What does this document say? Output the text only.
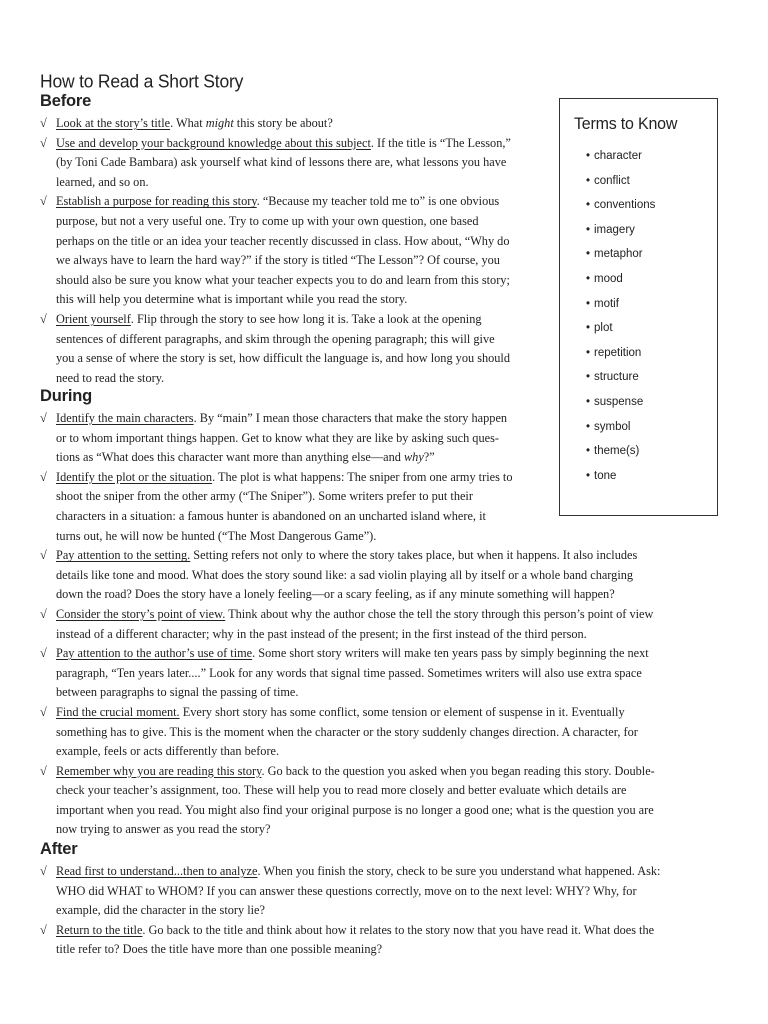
How to Read a Short Story
Before
√ Look at the story’s title. What might this story be about?
√ Use and develop your background knowledge about this subject. If the title is “The Lesson,”
(by Toni Cade Bambara) ask yourself what kind of lessons there are, what lessons you have
learned, and so on.
√ Establish a purpose for reading this story. “Because my teacher told me to” is one obvious
purpose, but not a very useful one. Try to come up with your own question, one based
perhaps on the title or an idea your teacher recently discussed in class. How about, “Why do
we always have to learn the hard way?” if the story is titled “The Lesson”? Of course, you
should also be sure you know what your teacher expects you to do and learn from this story;
this will help you determine what is important while you read the story.
√ Orient yourself. Flip through the story to see how long it is. Take a look at the opening
sentences of different paragraphs, and skim through the opening paragraph; this will give
you a sense of where the story is set, how difficult the language is, and how long you should
need to read the story.
During
√ Identify the main characters. By “main” I mean those characters that make the story happen
or to whom important things happen. Get to know what they are like by asking such ques-
tions as “What does this character want more than anything else—and why?”
√ Identify the plot or the situation. The plot is what happens: The sniper from one army tries to
shoot the sniper from the other army (“The Sniper”). Some writers prefer to put their
characters in a situation: a famous hunter is abandoned on an uncharted island where, it
turns out, he will now be hunted (“The Most Dangerous Game”).
√ Pay attention to the setting. Setting refers not only to where the story takes place, but when it happens. It also includes
details like tone and mood. What does the story sound like: a sad violin playing all by itself or a whole band charging
down the road? Does the story have a lonely feeling—or a scary feeling, as if any minute something will happen?
√ Consider the story’s point of view. Think about why the author chose the tell the story through this person’s point of view
instead of a different character; why in the past instead of the present; in the first instead of the third person.
√ Pay attention to the author’s use of time. Some short story writers will make ten years pass by simply beginning the next
paragraph, “Ten years later....” Look for any words that signal time passed. Sometimes writers will also use extra space
between paragraphs to signal the passing of time.
√ Find the crucial moment. Every short story has some conflict, some tension or element of suspense in it. Eventually
something has to give. This is the moment when the character or the story suddenly changes direction. A character, for
example, feels or acts differently than before.
√ Remember why you are reading this story. Go back to the question you asked when you began reading this story. Double-
check your teacher’s assignment, too. These will help you to read more closely and better evaluate which details are
important when you read. You might also find your original purpose is no longer a good one; what is the question you are
now trying to answer as you read the story?
After
√ Read first to understand...then to analyze. When you finish the story, check to be sure you understand what happened. Ask:
WHO did WHAT to WHOM? If you can answer these questions correctly, move on to the next level: WHY? Why, for
example, did the character in the story lie?
√ Return to the title. Go back to the title and think about how it relates to the story now that you have read it. What does the
title refer to? Does the title have more than one possible meaning?
Terms to Know
• character
• conflict
• conventions
• imagery
• metaphor
• mood
• motif
• plot
• repetition
• structure
• suspense
• symbol
• theme(s)
• tone
